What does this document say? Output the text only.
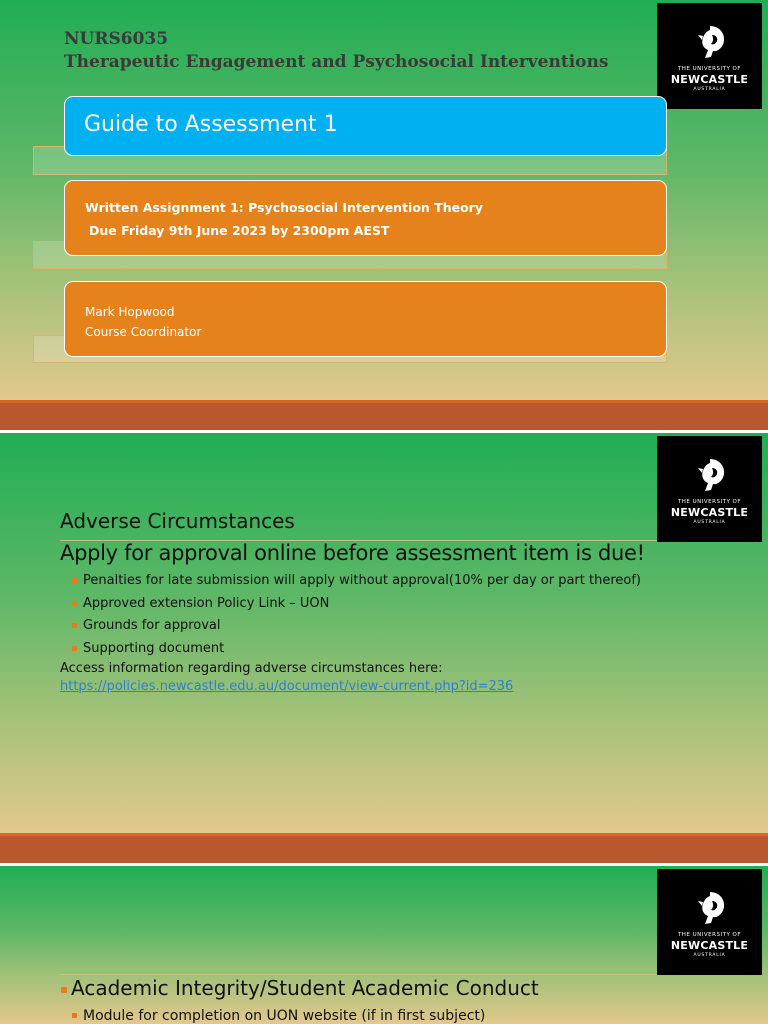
NURS6035
Therapeutic Engagement and Psychosocial Interventions	THE UNIVERSITY OF
NEWCASTLE
AUSTRALIA
Guide to Assessment 1
Written Assignment 1: Psychosocial Intervention Theory
Due Friday 9th June 2023 by 2300pm AEST
Mark Hopwood
Course Coordinator
THE UNIVERSITY OF
NEWCASTLE
AUSTRALIA
Adverse Circumstances
Apply for approval online before assessment item is due!
Penalties for late submission will apply without approval(10% per day or part thereof)
Approved extension Policy Link – UON
Grounds for approval
Supporting document
Access information regarding adverse circumstances here:
https://policies.newcastle.edu.au/document/view-current.php?id=236
THE UNIVERSITY OF
NEWCASTLE
AUSTRALIA
Academic Integrity/Student Academic Conduct
Module for completion on UON website (if in first subject)
